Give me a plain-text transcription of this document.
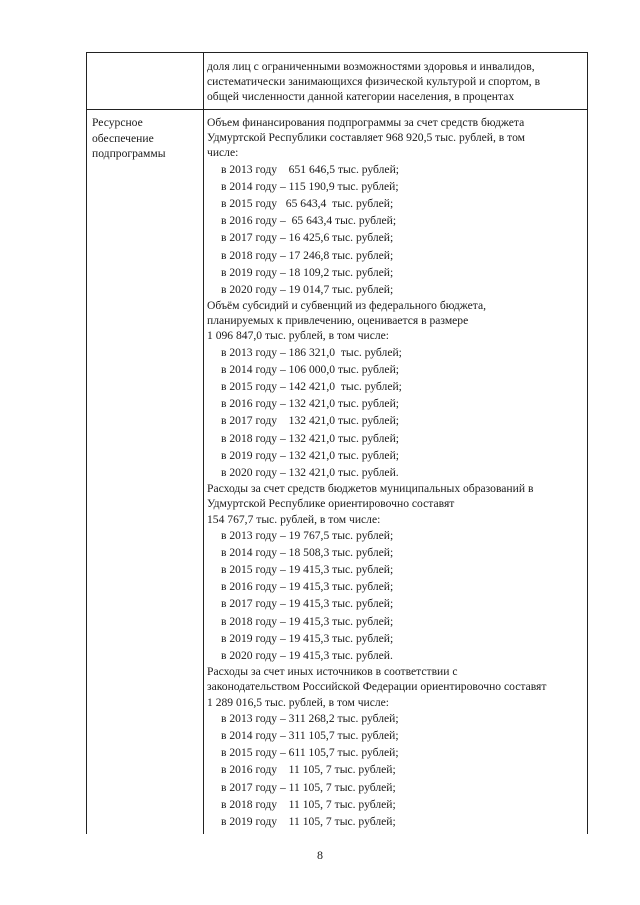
доля лиц с ограниченными возможностями здоровья и инвалидов,
систематически занимающихся физической культурой и спортом, в
общей численности данной категории населения, в процентах
Ресурсное
обеспечение
подпрограммы
Объем финансирования подпрограммы за счет средств бюджета
Удмуртской Республики составляет 968 920,5 тыс. рублей, в том
числе:
в 2013 году    651 646,5 тыс. рублей;
в 2014 году – 115 190,9 тыс. рублей;
в 2015 году   65 643,4  тыс. рублей;
в 2016 году –  65 643,4 тыс. рублей;
в 2017 году – 16 425,6 тыс. рублей;
в 2018 году – 17 246,8 тыс. рублей;
в 2019 году – 18 109,2 тыс. рублей;
в 2020 году – 19 014,7 тыс. рублей;
Объём субсидий и субвенций из федерального бюджета,
планируемых к привлечению, оценивается в размере
1 096 847,0 тыс. рублей, в том числе:
в 2013 году – 186 321,0  тыс. рублей;
в 2014 году – 106 000,0 тыс. рублей;
в 2015 году – 142 421,0  тыс. рублей;
в 2016 году – 132 421,0 тыс. рублей;
в 2017 году    132 421,0 тыс. рублей;
в 2018 году – 132 421,0 тыс. рублей;
в 2019 году – 132 421,0 тыс. рублей;
в 2020 году – 132 421,0 тыс. рублей.
Расходы за счет средств бюджетов муниципальных образований в
Удмуртской Республике ориентировочно составят
154 767,7 тыс. рублей, в том числе:
в 2013 году – 19 767,5 тыс. рублей;
в 2014 году – 18 508,3 тыс. рублей;
в 2015 году – 19 415,3 тыс. рублей;
в 2016 году – 19 415,3 тыс. рублей;
в 2017 году – 19 415,3 тыс. рублей;
в 2018 году – 19 415,3 тыс. рублей;
в 2019 году – 19 415,3 тыс. рублей;
в 2020 году – 19 415,3 тыс. рублей.
Расходы за счет иных источников в соответствии с
законодательством Российской Федерации ориентировочно составят
1 289 016,5 тыс. рублей, в том числе:
в 2013 году – 311 268,2 тыс. рублей;
в 2014 году – 311 105,7 тыс. рублей;
в 2015 году – 611 105,7 тыс. рублей;
в 2016 году    11 105, 7 тыс. рублей;
в 2017 году – 11 105, 7 тыс. рублей;
в 2018 году    11 105, 7 тыс. рублей;
в 2019 году    11 105, 7 тыс. рублей;
8
